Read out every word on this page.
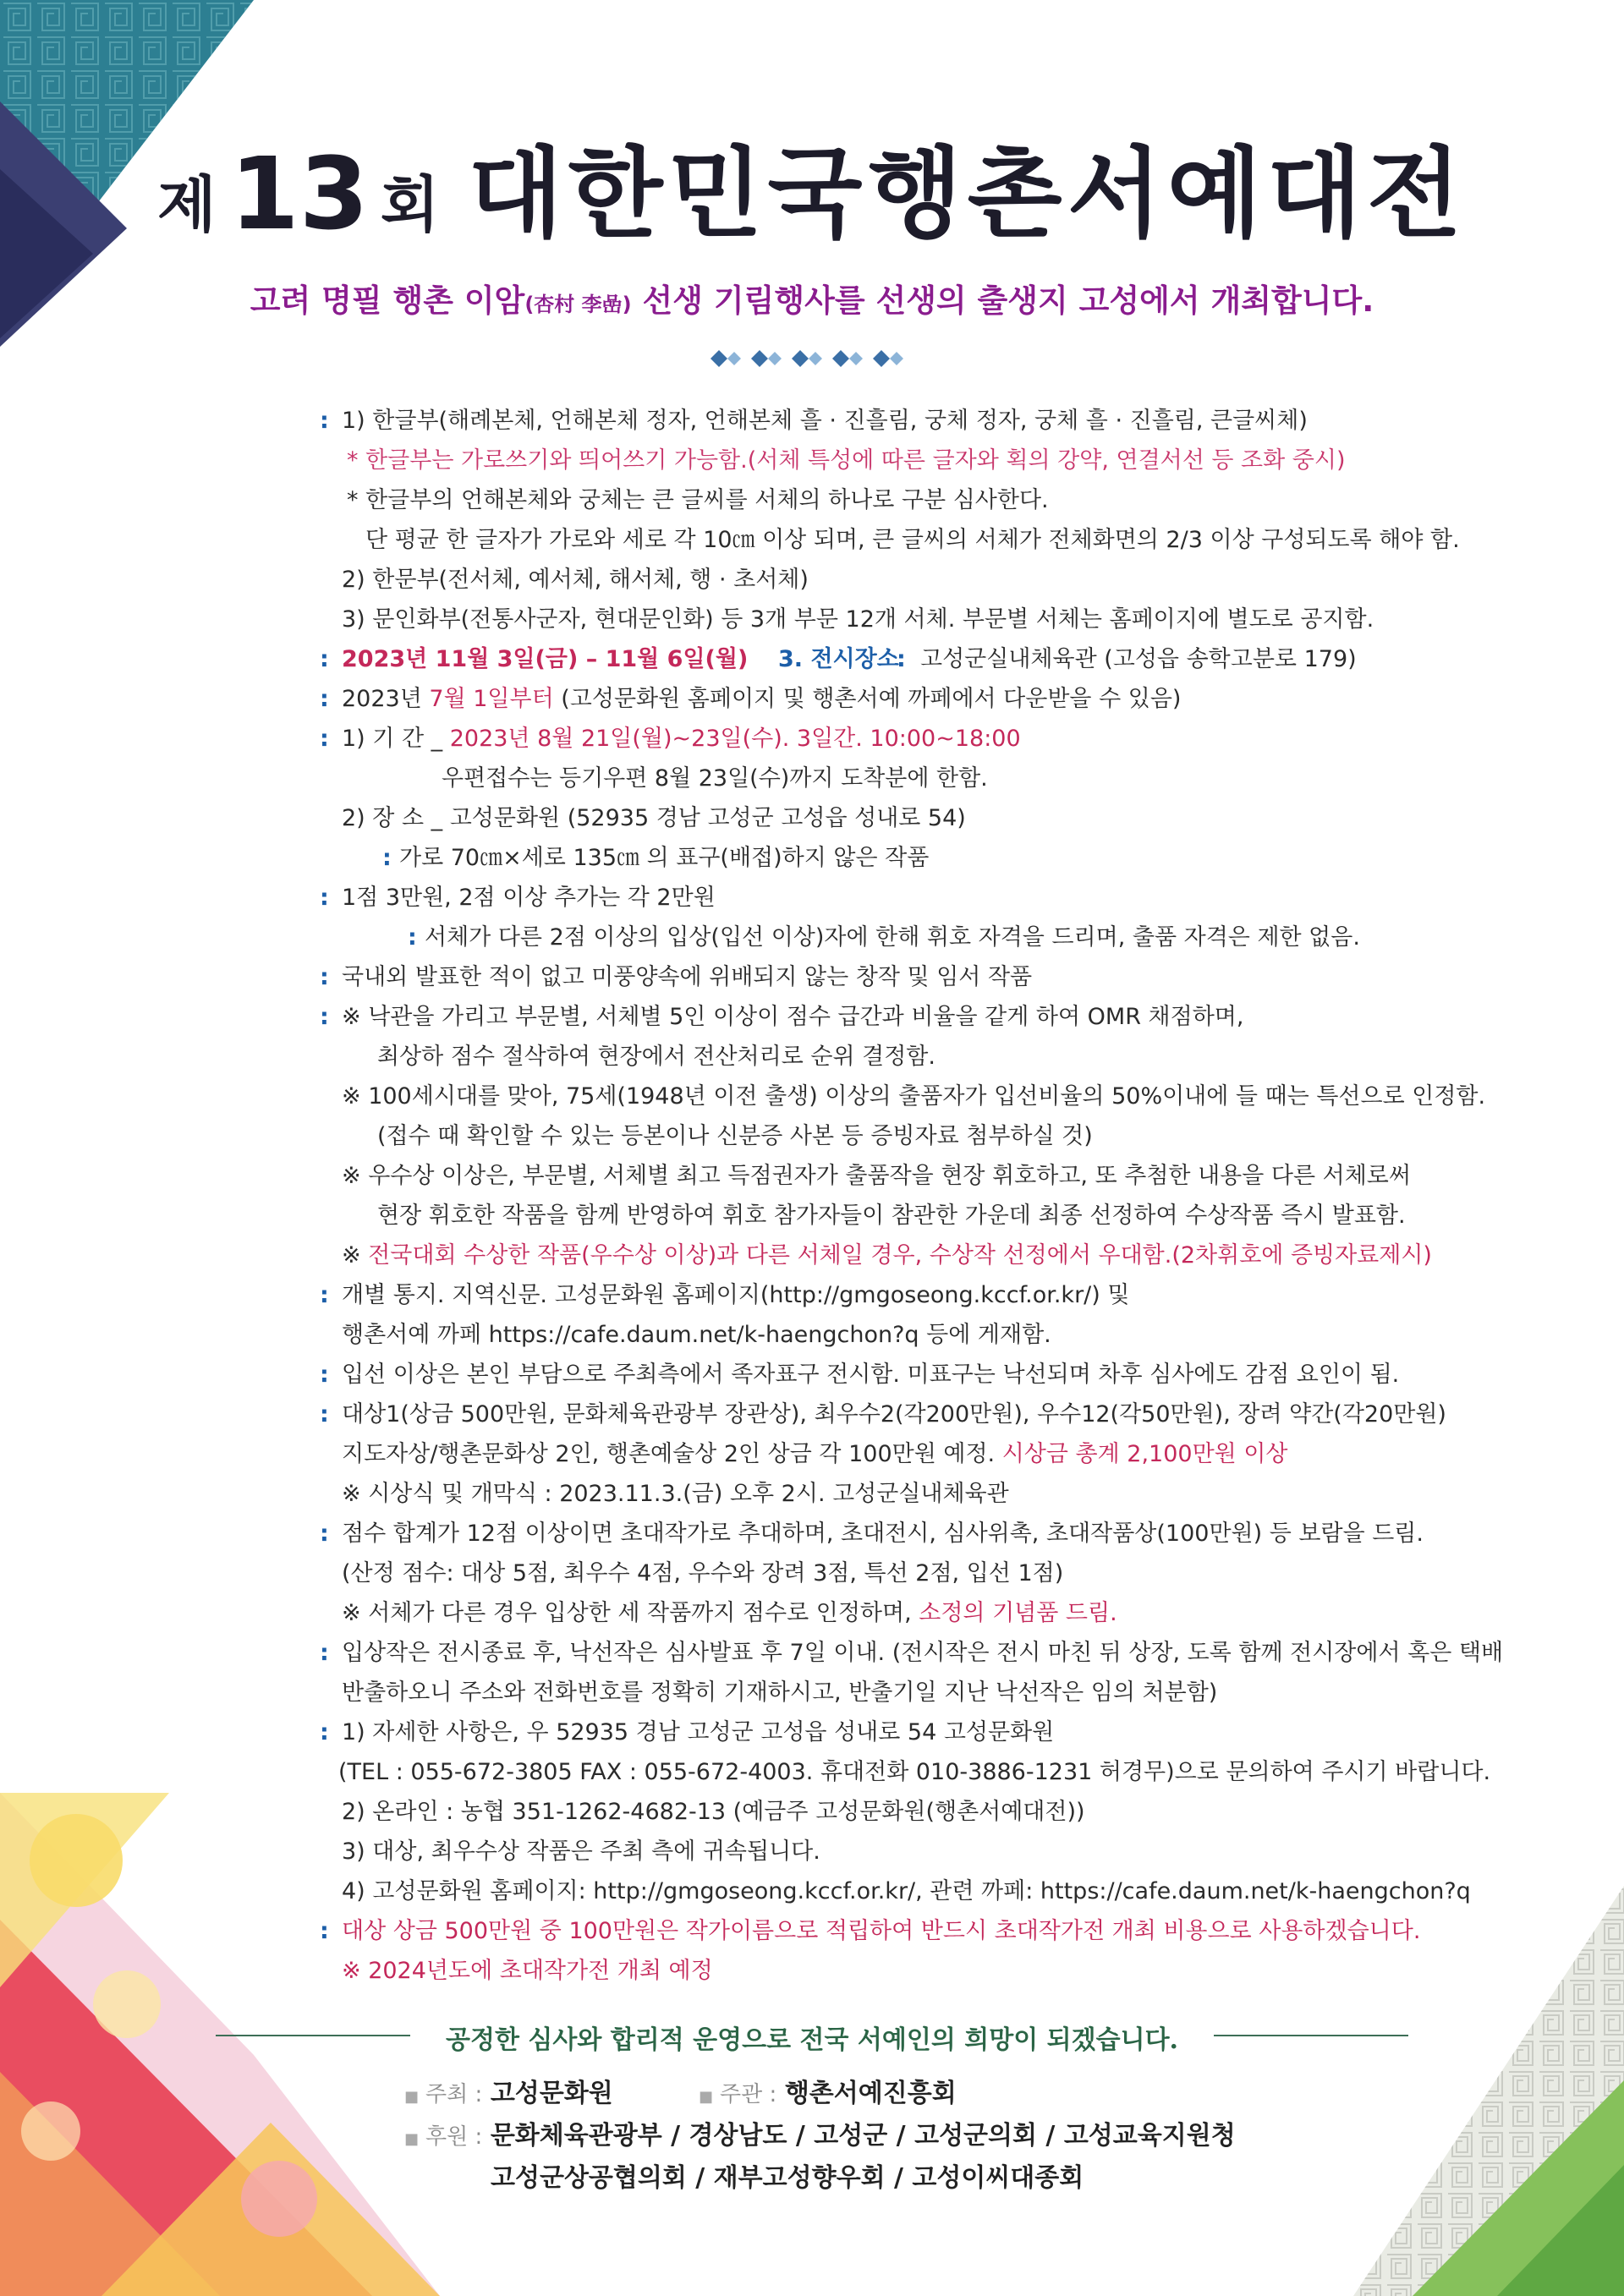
제 13 회 대한민국행촌서예대전
고려 명필 행촌 이암(杏村 李嵒) 선생 기림행사를 선생의 출생지 고성에서 개최합니다.
: 1) 한글부(해례본체, 언해본체 정자, 언해본체 흘 · 진흘림, 궁체 정자, 궁체 흘 · 진흘림, 큰글씨체)
* 한글부는 가로쓰기와 띄어쓰기 가능함.(서체 특성에 따른 글자와 획의 강약, 연결서선 등 조화 중시)
* 한글부의 언해본체와 궁체는 큰 글씨를 서체의 하나로 구분 심사한다.
단 평균 한 글자가 가로와 세로 각 10㎝ 이상 되며, 큰 글씨의 서체가 전체화면의 2/3 이상 구성되도록 해야 함.
2) 한문부(전서체, 예서체, 해서체, 행 · 초서체)
3) 문인화부(전통사군자, 현대문인화) 등 3개 부문 12개 서체. 부문별 서체는 홈페이지에 별도로 공지함.
: 2023년 11월 3일(금) – 11월 6일(월) 3. 전시장소
: 고성군실내체육관 (고성읍 송학고분로 179)
: 2023년 7월 1일부터 (고성문화원 홈페이지 및 행촌서예 까페에서 다운받을 수 있음)
: 1) 기 간 _ 2023년 8월 21일(월)~23일(수). 3일간. 10:00~18:00
우편접수는 등기우편 8월 23일(수)까지 도착분에 한함.
2) 장 소 _ 고성문화원 (52935 경남 고성군 고성읍 성내로 54)
: 가로 70㎝×세로 135㎝ 의 표구(배접)하지 않은 작품
: 1점 3만원, 2점 이상 추가는 각 2만원
: 서체가 다른 2점 이상의 입상(입선 이상)자에 한해 휘호 자격을 드리며, 출품 자격은 제한 없음.
: 국내외 발표한 적이 없고 미풍양속에 위배되지 않는 창작 및 임서 작품
: ※ 낙관을 가리고 부문별, 서체별 5인 이상이 점수 급간과 비율을 같게 하여 OMR 채점하며,
최상하 점수 절삭하여 현장에서 전산처리로 순위 결정함.
※ 100세시대를 맞아, 75세(1948년 이전 출생) 이상의 출품자가 입선비율의 50%이내에 들 때는 특선으로 인정함.
(접수 때 확인할 수 있는 등본이나 신분증 사본 등 증빙자료 첨부하실 것)
※ 우수상 이상은, 부문별, 서체별 최고 득점권자가 출품작을 현장 휘호하고, 또 추첨한 내용을 다른 서체로써
현장 휘호한 작품을 함께 반영하여 휘호 참가자들이 참관한 가운데 최종 선정하여 수상작품 즉시 발표함.
※ 전국대회 수상한 작품(우수상 이상)과 다른 서체일 경우, 수상작 선정에서 우대함.(2차휘호에 증빙자료제시)
: 개별 통지. 지역신문. 고성문화원 홈페이지(http://gmgoseong.kccf.or.kr/) 및
행촌서예 까페 https://cafe.daum.net/k-haengchon?q 등에 게재함.
: 입선 이상은 본인 부담으로 주최측에서 족자표구 전시함. 미표구는 낙선되며 차후 심사에도 감점 요인이 됨.
: 대상1(상금 500만원, 문화체육관광부 장관상), 최우수2(각200만원), 우수12(각50만원), 장려 약간(각20만원)
지도자상/행촌문화상 2인, 행촌예술상 2인 상금 각 100만원 예정. 시상금 총계 2,100만원 이상
※ 시상식 및 개막식 : 2023.11.3.(금) 오후 2시. 고성군실내체육관
: 점수 합계가 12점 이상이면 초대작가로 추대하며, 초대전시, 심사위촉, 초대작품상(100만원) 등 보람을 드림.
(산정 점수: 대상 5점, 최우수 4점, 우수와 장려 3점, 특선 2점, 입선 1점)
※ 서체가 다른 경우 입상한 세 작품까지 점수로 인정하며, 소정의 기념품 드림.
: 입상작은 전시종료 후, 낙선작은 심사발표 후 7일 이내. (전시작은 전시 마친 뒤 상장, 도록 함께 전시장에서 혹은 택배
반출하오니 주소와 전화번호를 정확히 기재하시고, 반출기일 지난 낙선작은 임의 처분함)
: 1) 자세한 사항은, 우 52935 경남 고성군 고성읍 성내로 54 고성문화원
(TEL : 055-672-3805 FAX : 055-672-4003. 휴대전화 010-3886-1231 허경무)으로 문의하여 주시기 바랍니다.
2) 온라인 : 농협 351-1262-4682-13 (예금주 고성문화원(행촌서예대전))
3) 대상, 최우수상 작품은 주최 측에 귀속됩니다.
4) 고성문화원 홈페이지: http://gmgoseong.kccf.or.kr/, 관련 까페: https://cafe.daum.net/k-haengchon?q
: 대상 상금 500만원 중 100만원은 작가이름으로 적립하여 반드시 초대작가전 개최 비용으로 사용하겠습니다.
※ 2024년도에 초대작가전 개최 예정
공정한 심사와 합리적 운영으로 전국 서예인의 희망이 되겠습니다.
■ 주최 : 고성문화원	■ 주관 : 행촌서예진흥회
■ 후원 : 문화체육관광부 / 경상남도 / 고성군 / 고성군의회 / 고성교육지원청
고성군상공협의회 / 재부고성향우회 / 고성이씨대종회
